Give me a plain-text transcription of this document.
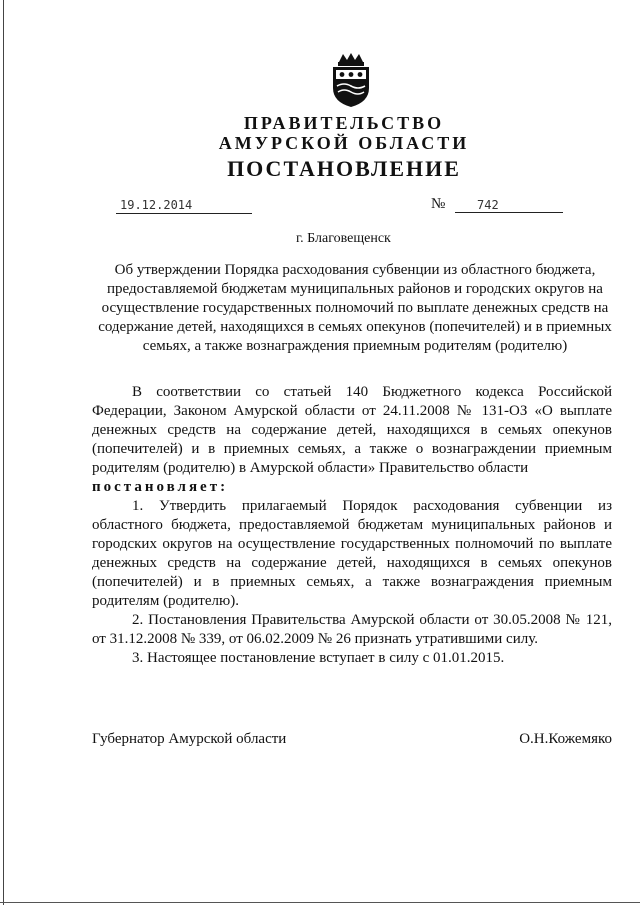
ПРАВИТЕЛЬСТВО
АМУРСКОЙ ОБЛАСТИ
ПОСТАНОВЛЕНИЕ
19.12.2014	№	742
г. Благовещенск
Об утверждении Порядка расходования субвенции из областного бюджета, предоставляемой бюджетам муниципальных районов и городских округов на осуществление государственных полномочий по выплате денежных средств на содержание детей, находящихся в семьях опекунов (попечителей) и в приемных семьях, а также вознаграждения приемным родителям (родителю)

В соответствии со статьей 140 Бюджетного кодекса Российской Федерации, Законом Амурской области от 24.11.2008 № 131-ОЗ «О выплате денежных средств на содержание детей, находящихся в семьях опекунов (попечителей) и в приемных семьях, а также о вознаграждении приемным родителям (родителю) в Амурской области» Правительство области

постановляет:

1. Утвердить прилагаемый Порядок расходования субвенции из областного бюджета, предоставляемой бюджетам муниципальных районов и городских округов на осуществление государственных полномочий по выплате денежных средств на содержание детей, находящихся в семьях опекунов (попечителей) и в приемных семьях, а также вознаграждения приемным родителям (родителю).

2. Постановления Правительства Амурской области от 30.05.2008 № 121, от 31.12.2008 № 339, от 06.02.2009 № 26 признать утратившими силу.

3. Настоящее постановление вступает в силу с 01.01.2015.

Губернатор Амурской области	О.Н.Кожемяко
